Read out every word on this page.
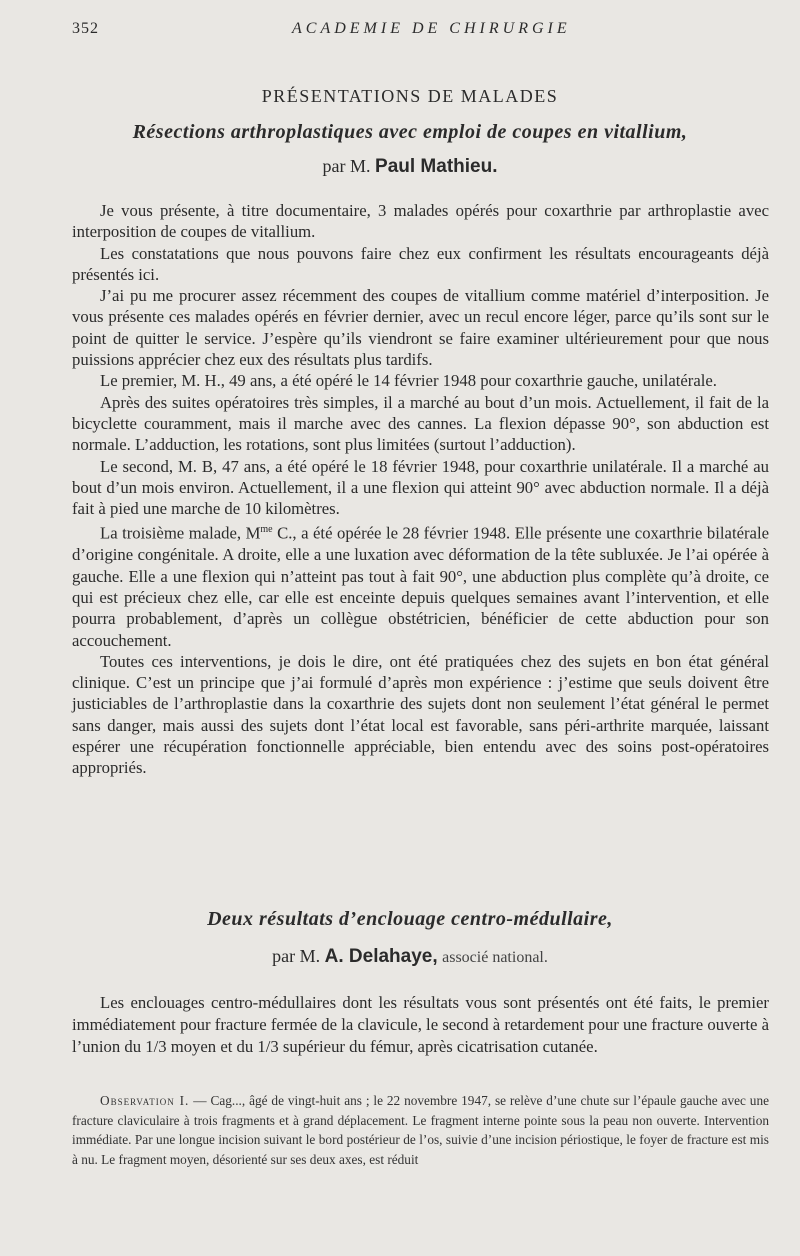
352	ACADEMIE DE CHIRURGIE
PRÉSENTATIONS DE MALADES
Résections arthroplastiques avec emploi de coupes en vitallium,
par M. Paul Mathieu.

Je vous présente, à titre documentaire, 3 malades opérés pour coxarthrie par arthroplastie avec interposition de coupes de vitallium.

Les constatations que nous pouvons faire chez eux confirment les résultats encourageants déjà présentés ici.

J’ai pu me procurer assez récemment des coupes de vitallium comme matériel d’interposition. Je vous présente ces malades opérés en février dernier, avec un recul encore léger, parce qu’ils sont sur le point de quitter le service. J’espère qu’ils viendront se faire examiner ultérieurement pour que nous puissions apprécier chez eux des résultats plus tardifs.

Le premier, M. H., 49 ans, a été opéré le 14 février 1948 pour coxarthrie gauche, unilatérale.

Après des suites opératoires très simples, il a marché au bout d’un mois. Actuellement, il fait de la bicyclette couramment, mais il marche avec des cannes. La flexion dépasse 90°, son abduction est normale. L’adduction, les rotations, sont plus limitées (surtout l’adduction).

Le second, M. B, 47 ans, a été opéré le 18 février 1948, pour coxarthrie unilatérale. Il a marché au bout d’un mois environ. Actuellement, il a une flexion qui atteint 90° avec abduction normale. Il a déjà fait à pied une marche de 10 kilomètres.

La troisième malade, $M^{me}$ C., a été opérée le 28 février 1948. Elle présente une coxarthrie bilatérale d’origine congénitale. A droite, elle a une luxation avec déformation de la tête subluxée. Je l’ai opérée à gauche. Elle a une flexion qui n’atteint pas tout à fait 90°, une abduction plus complète qu’à droite, ce qui est précieux chez elle, car elle est enceinte depuis quelques semaines avant l’intervention, et elle pourra probablement, d’après un collègue obstétricien, bénéficier de cette abduction pour son accouchement.

Toutes ces interventions, je dois le dire, ont été pratiquées chez des sujets en bon état général clinique. C’est un principe que j’ai formulé d’après mon expérience : j’estime que seuls doivent être justiciables de l’arthroplastie dans la coxarthrie des sujets dont non seulement l’état général le permet sans danger, mais aussi des sujets dont l’état local est favorable, sans péri-arthrite marquée, laissant espérer une récupération fonctionnelle appréciable, bien entendu avec des soins post-opératoires appropriés.

Deux résultats d’enclouage centro-médullaire,
par M. A. Delahaye, associé national.

Les enclouages centro-médullaires dont les résultats vous sont présentés ont été faits, le premier immédiatement pour fracture fermée de la clavicule, le second à retardement pour une fracture ouverte à l’union du 1/3 moyen et du 1/3 supérieur du fémur, après cicatrisation cutanée.

Observation I. — Cag..., âgé de vingt-huit ans ; le 22 novembre 1947, se relève d’une chute sur l’épaule gauche avec une fracture claviculaire à trois fragments et à grand déplacement. Le fragment interne pointe sous la peau non ouverte. Intervention immédiate. Par une longue incision suivant le bord postérieur de l’os, suivie d’une incision périostique, le foyer de fracture est mis à nu. Le fragment moyen, désorienté sur ses deux axes, est réduit
